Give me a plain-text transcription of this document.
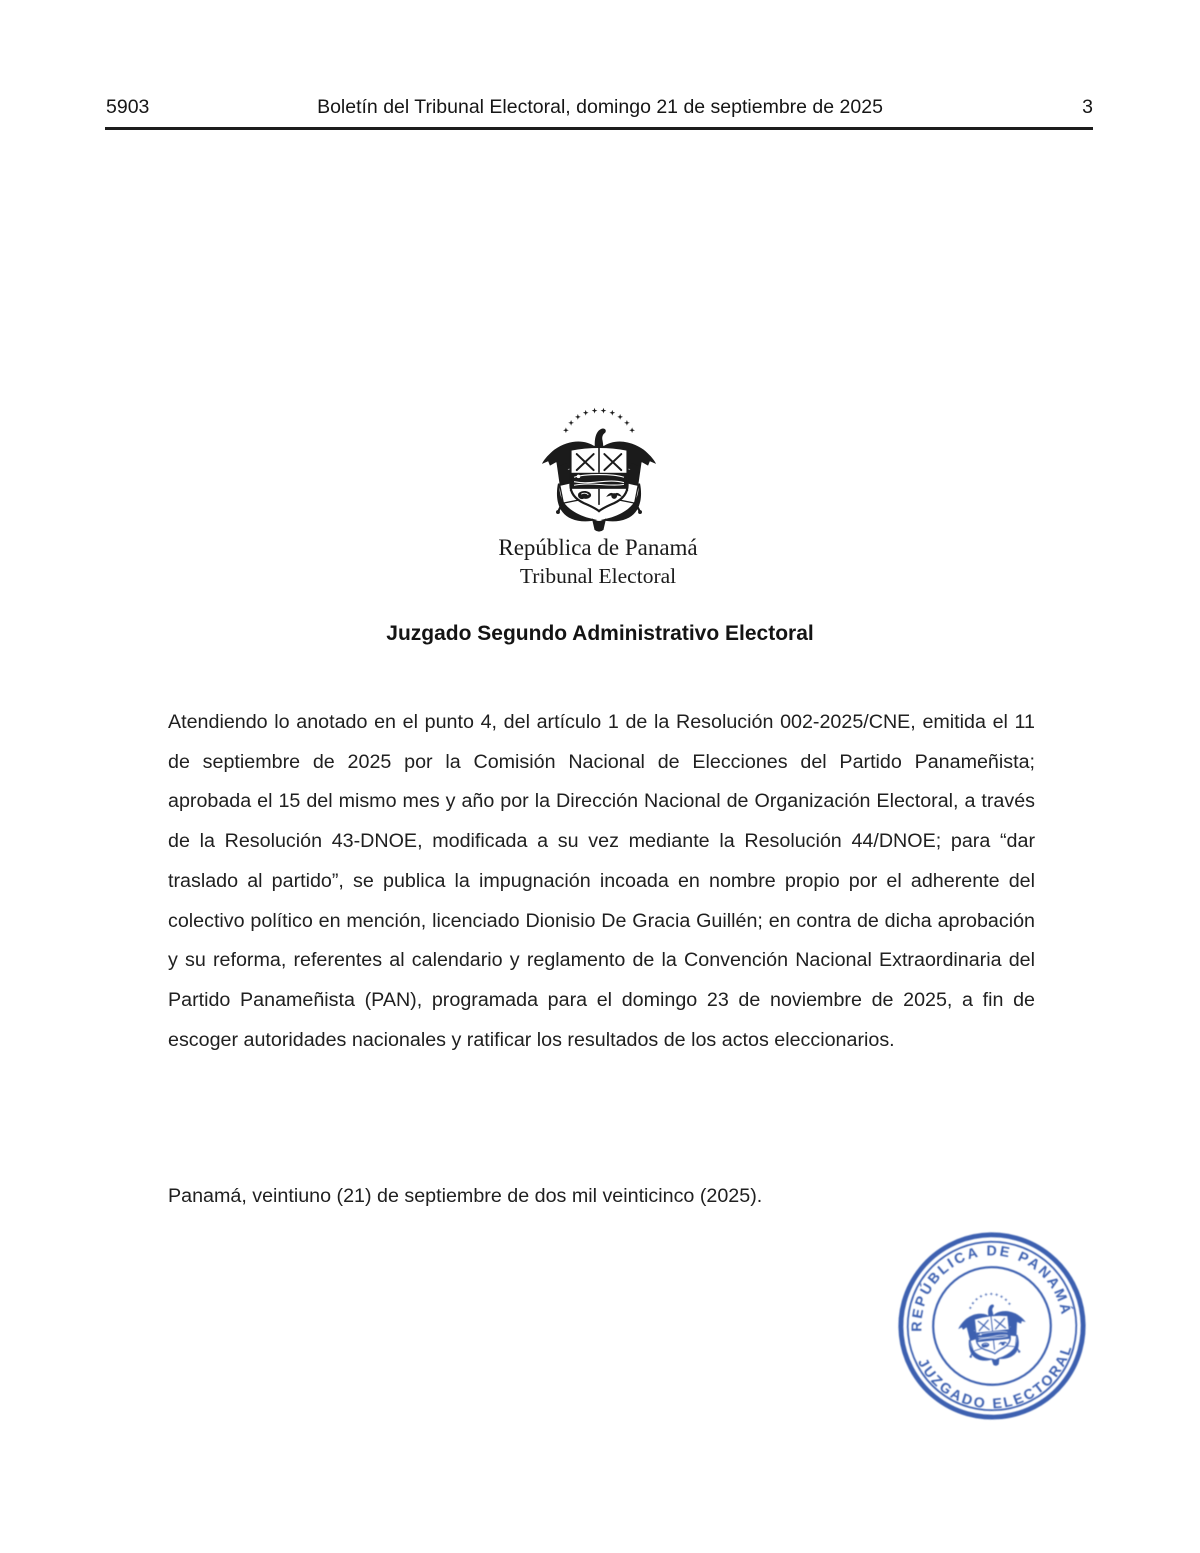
5903	Boletín del Tribunal Electoral, domingo 21 de septiembre de 2025	3
República de Panamá
Tribunal Electoral
Juzgado Segundo Administrativo Electoral
Atendiendo lo anotado en el punto 4, del artículo 1 de la Resolución 002-2025/CNE, emitida el 11 de septiembre de 2025 por la Comisión Nacional de Elecciones del Partido Panameñista; aprobada el 15 del mismo mes y año por la Dirección Nacional de Organización Electoral, a través de la Resolución 43-DNOE, modificada a su vez mediante la Resolución 44/DNOE; para “dar traslado al partido”, se publica la impugnación incoada en nombre propio por el adherente del colectivo político en mención, licenciado Dionisio De Gracia Guillén; en contra de dicha aprobación y su reforma, referentes al calendario y reglamento de la Convención Nacional Extraordinaria del Partido Panameñista (PAN), programada para el domingo 23 de noviembre de 2025, a fin de escoger autoridades nacionales y ratificar los resultados de los actos eleccionarios.
Panamá, veintiuno (21) de septiembre de dos mil veinticinco (2025).
REPÚBLICA DE PANAMÁ
JUZGADO ELECTORAL
